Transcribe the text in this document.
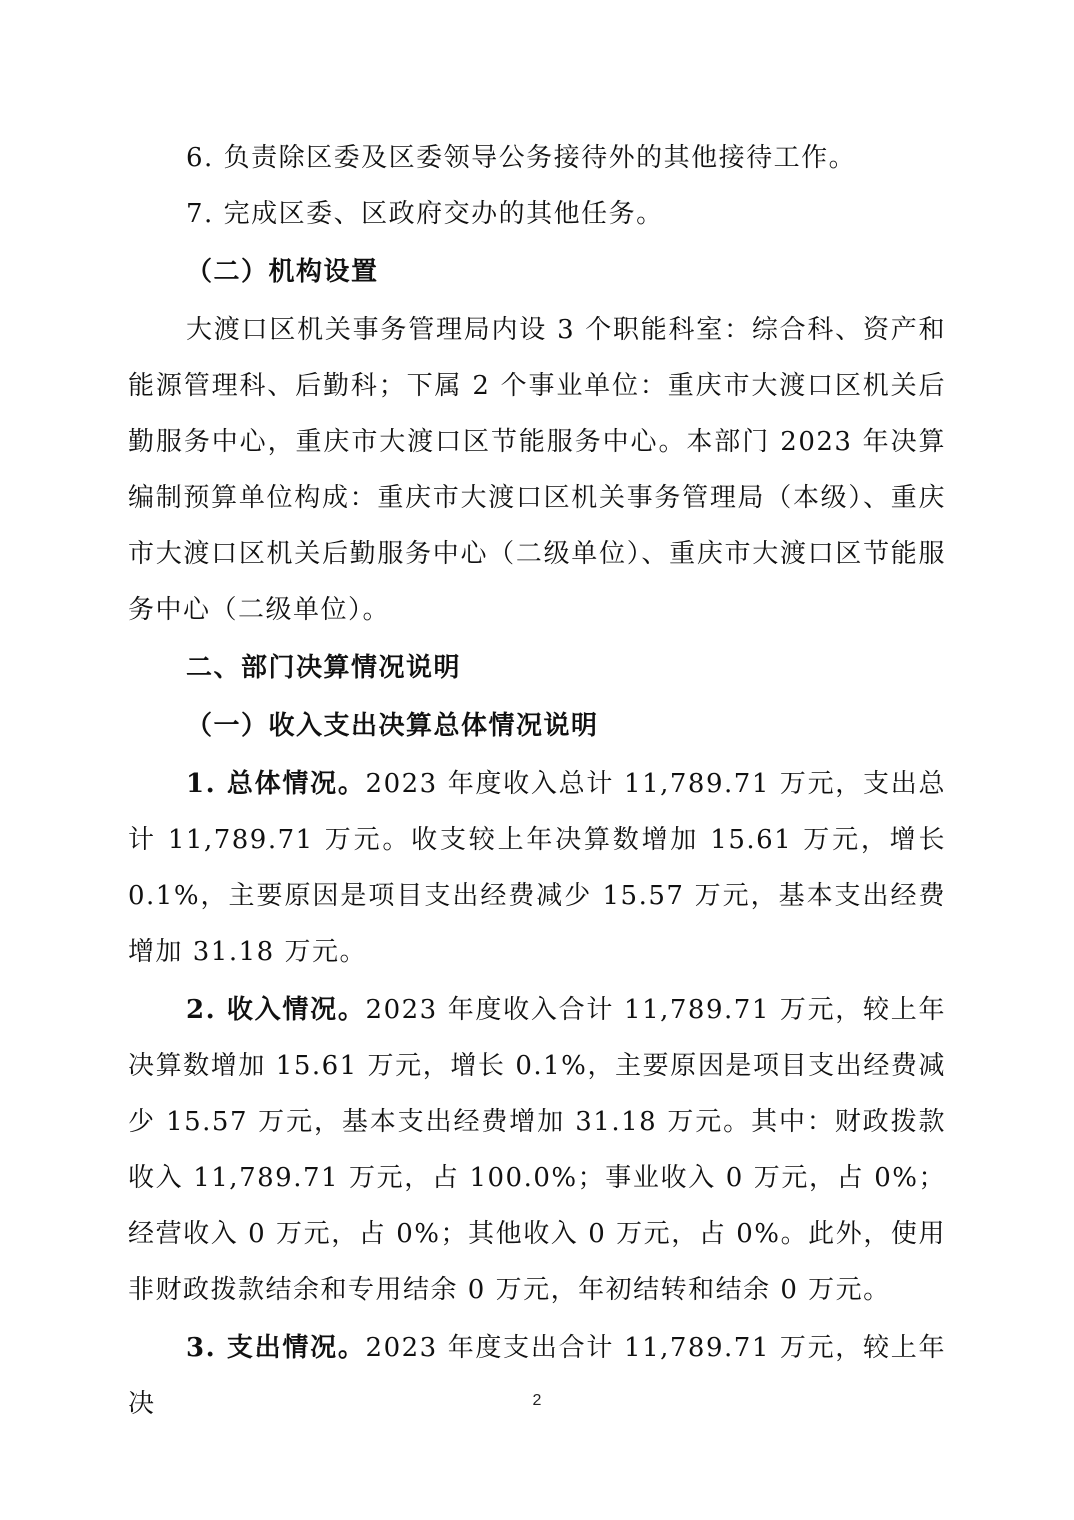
6. 负责除区委及区委领导公务接待外的其他接待工作。

7. 完成区委、区政府交办的其他任务。

（二）机构设置

大渡口区机关事务管理局内设 3 个职能科室：综合科、资产和能源管理科、后勤科；下属 2 个事业单位：重庆市大渡口区机关后勤服务中心，重庆市大渡口区节能服务中心。本部门 2023 年决算编制预算单位构成：重庆市大渡口区机关事务管理局（本级）、重庆市大渡口区机关后勤服务中心（二级单位）、重庆市大渡口区节能服务中心（二级单位）。

二、部门决算情况说明

（一）收入支出决算总体情况说明

1. 总体情况。2023 年度收入总计 11,789.71 万元，支出总计 11,789.71 万元。收支较上年决算数增加 15.61 万元，增长 0.1%，主要原因是项目支出经费减少 15.57 万元，基本支出经费增加 31.18 万元。

2. 收入情况。2023 年度收入合计 11,789.71 万元，较上年决算数增加 15.61 万元，增长 0.1%，主要原因是项目支出经费减少 15.57 万元，基本支出经费增加 31.18 万元。其中：财政拨款收入 11,789.71 万元，占 100.0%；事业收入 0 万元，占 0%；经营收入 0 万元，占 0%；其他收入 0 万元，占 0%。此外，使用非财政拨款结余和专用结余 0 万元，年初结转和结余 0 万元。

3. 支出情况。2023 年度支出合计 11,789.71 万元，较上年决	2
